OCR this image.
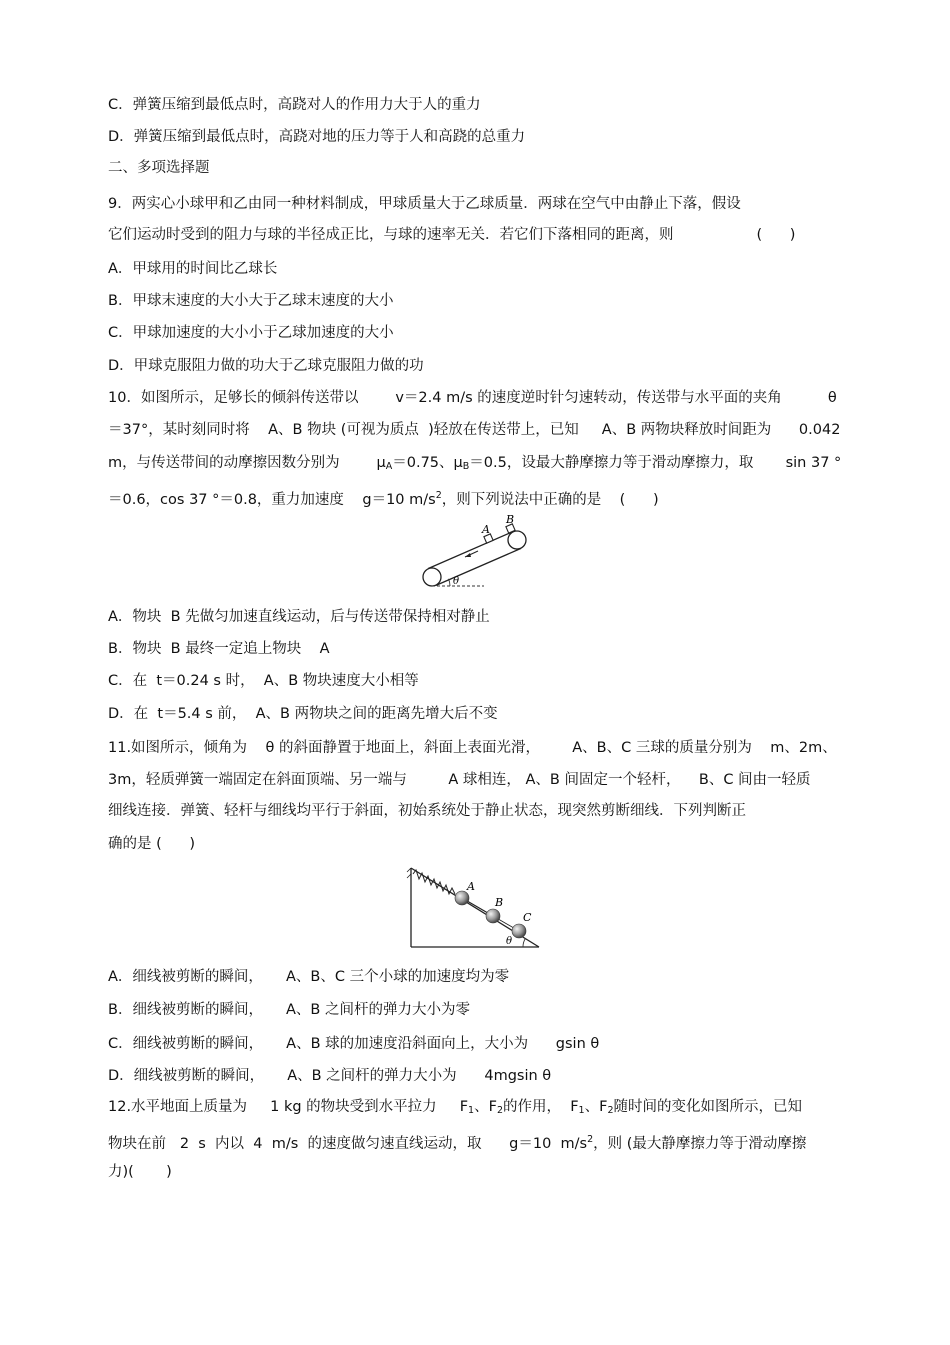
C．弹簧压缩到最低点时，高跷对人的作用力大于人的重力
D．弹簧压缩到最低点时，高跷对地的压力等于人和高跷的总重力
二、多项选择题
9．两实心小球甲和乙由同一种材料制成，甲球质量大于乙球质量．两球在空气中由静止下落，假设
它们运动时受到的阻力与球的半径成正比，与球的速率无关．若它们下落相同的距离，则                  (      )
A．甲球用的时间比乙球长
B．甲球末速度的大小大于乙球末速度的大小
C．甲球加速度的大小小于乙球加速度的大小
D．甲球克服阻力做的功大于乙球克服阻力做的功
10．如图所示，足够长的倾斜传送带以        v＝2.4 m/s 的速度逆时针匀速转动，传送带与水平面的夹角          θ
＝37°，某时刻同时将    A、B 物块 (可视为质点  )轻放在传送带上，已知     A、B 两物块释放时间距为      0.042
m，与传送带间的动摩擦因数分别为        $\mu_A=0.75$、$\mu_B=0.5$，设最大静摩擦力等于滑动摩擦力，取       sin 37 °
＝0.6，cos 37 °＝0.8，重力加速度    g＝10 $m/s^2$，则下列说法中正确的是    (      )
A
B
θ
A．物块  B 先做匀加速直线运动，后与传送带保持相对静止
B．物块  B 最终一定追上物块    A
C．在  t＝0.24 s 时，  A、B 物块速度大小相等
D．在  t＝5.4 s 前，  A、B 两物块之间的距离先增大后不变
11.如图所示，倾角为    θ 的斜面静置于地面上，斜面上表面光滑，       A、B、C 三球的质量分别为    m、2m、
3m，轻质弹簧一端固定在斜面顶端、另一端与         A 球相连， A、B 间固定一个轻杆，    B、C 间由一轻质
细线连接．弹簧、轻杆与细线均平行于斜面，初始系统处于静止状态，现突然剪断细线．下列判断正
确的是 (      )
A
B
C
θ
A．细线被剪断的瞬间，     A、B、C 三个小球的加速度均为零
B．细线被剪断的瞬间，     A、B 之间杆的弹力大小为零
C．细线被剪断的瞬间，     A、B 球的加速度沿斜面向上，大小为      gsin θ
D．细线被剪断的瞬间，     A、B 之间杆的弹力大小为      4mgsin θ
12.水平地面上质量为     1 kg 的物块受到水平拉力     $F_1$、$F_2$的作用，  $F_1$、$F_2$随时间的变化如图所示，已知
物块在前   2  s  内以  4  m/s  的速度做匀速直线运动，取      g＝10  $m/s^2$，则 (最大静摩擦力等于滑动摩擦
力)(       )
